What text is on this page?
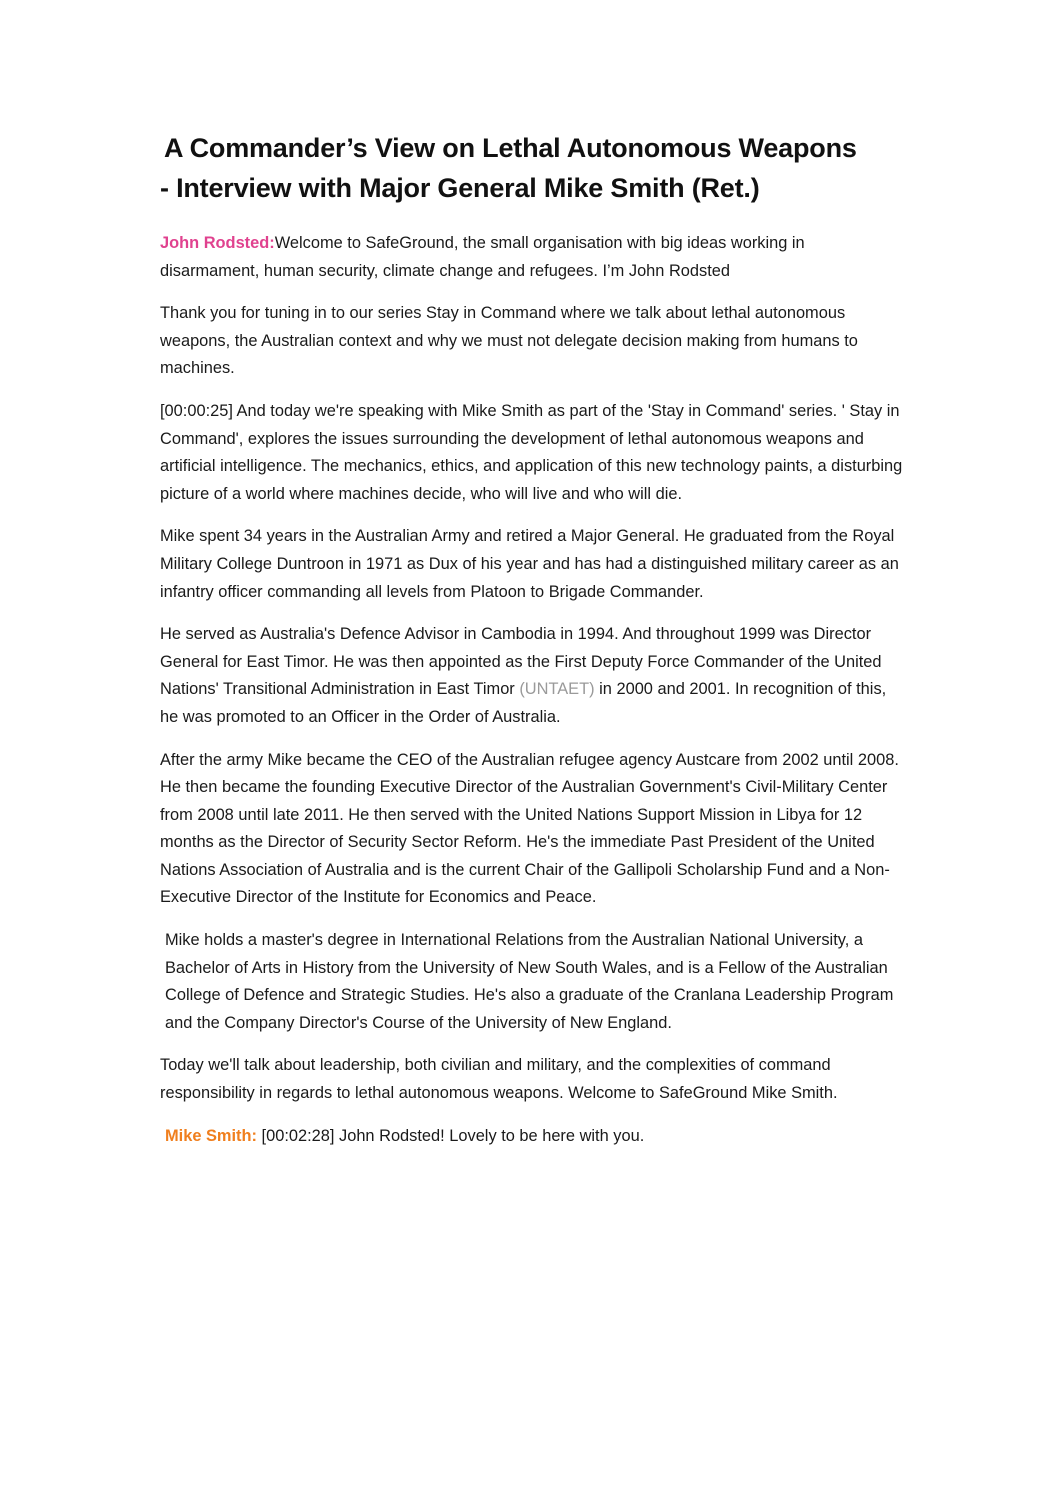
A Commander’s View on Lethal Autonomous Weapons
- Interview with Major General Mike Smith (Ret.)

John Rodsted:Welcome to SafeGround, the small organisation with big ideas working in disarmament, human security, climate change and refugees. I’m John Rodsted

Thank you for tuning in to our series Stay in Command where we talk about lethal autonomous weapons, the Australian context and why we must not delegate decision making from humans to machines.

[00:00:25] And today we're speaking with Mike Smith as part of the 'Stay in Command' series. ' Stay in Command', explores the issues surrounding the development of lethal autonomous weapons and artificial intelligence. The mechanics, ethics, and application of this new technology paints, a disturbing picture of a world where machines decide, who will live and who will die.

Mike spent 34 years in the Australian Army and retired a Major General. He graduated from the Royal Military College Duntroon in 1971 as Dux of his year and has had a distinguished military career as an infantry officer commanding all levels from Platoon to Brigade Commander.

He served as Australia's Defence Advisor in Cambodia in 1994. And throughout 1999 was Director General for East Timor. He was then appointed as the First Deputy Force Commander of the United Nations' Transitional Administration in East Timor (UNTAET) in 2000 and 2001. In recognition of this, he was promoted to an Officer in the Order of Australia.

After the army Mike became the CEO of the Australian refugee agency Austcare from 2002 until 2008. He then became the founding Executive Director of the Australian Government's Civil-Military Center from 2008 until late 2011. He then served with the United Nations Support Mission in Libya for 12 months as the Director of Security Sector Reform. He's the immediate Past President of the United Nations Association of Australia and is the current Chair of the Gallipoli Scholarship Fund and a Non-Executive Director of the Institute for Economics and Peace.

Mike holds a master's degree in International Relations from the Australian National University, a Bachelor of Arts in History from the University of New South Wales, and is a Fellow of the Australian College of Defence and Strategic Studies. He's also a graduate of the Cranlana Leadership Program and the Company Director's Course of the University of New England.

Today we'll talk about leadership, both civilian and military, and the complexities of command responsibility in regards to lethal autonomous weapons. Welcome to SafeGround Mike Smith.

Mike Smith: [00:02:28] John Rodsted! Lovely to be here with you.
